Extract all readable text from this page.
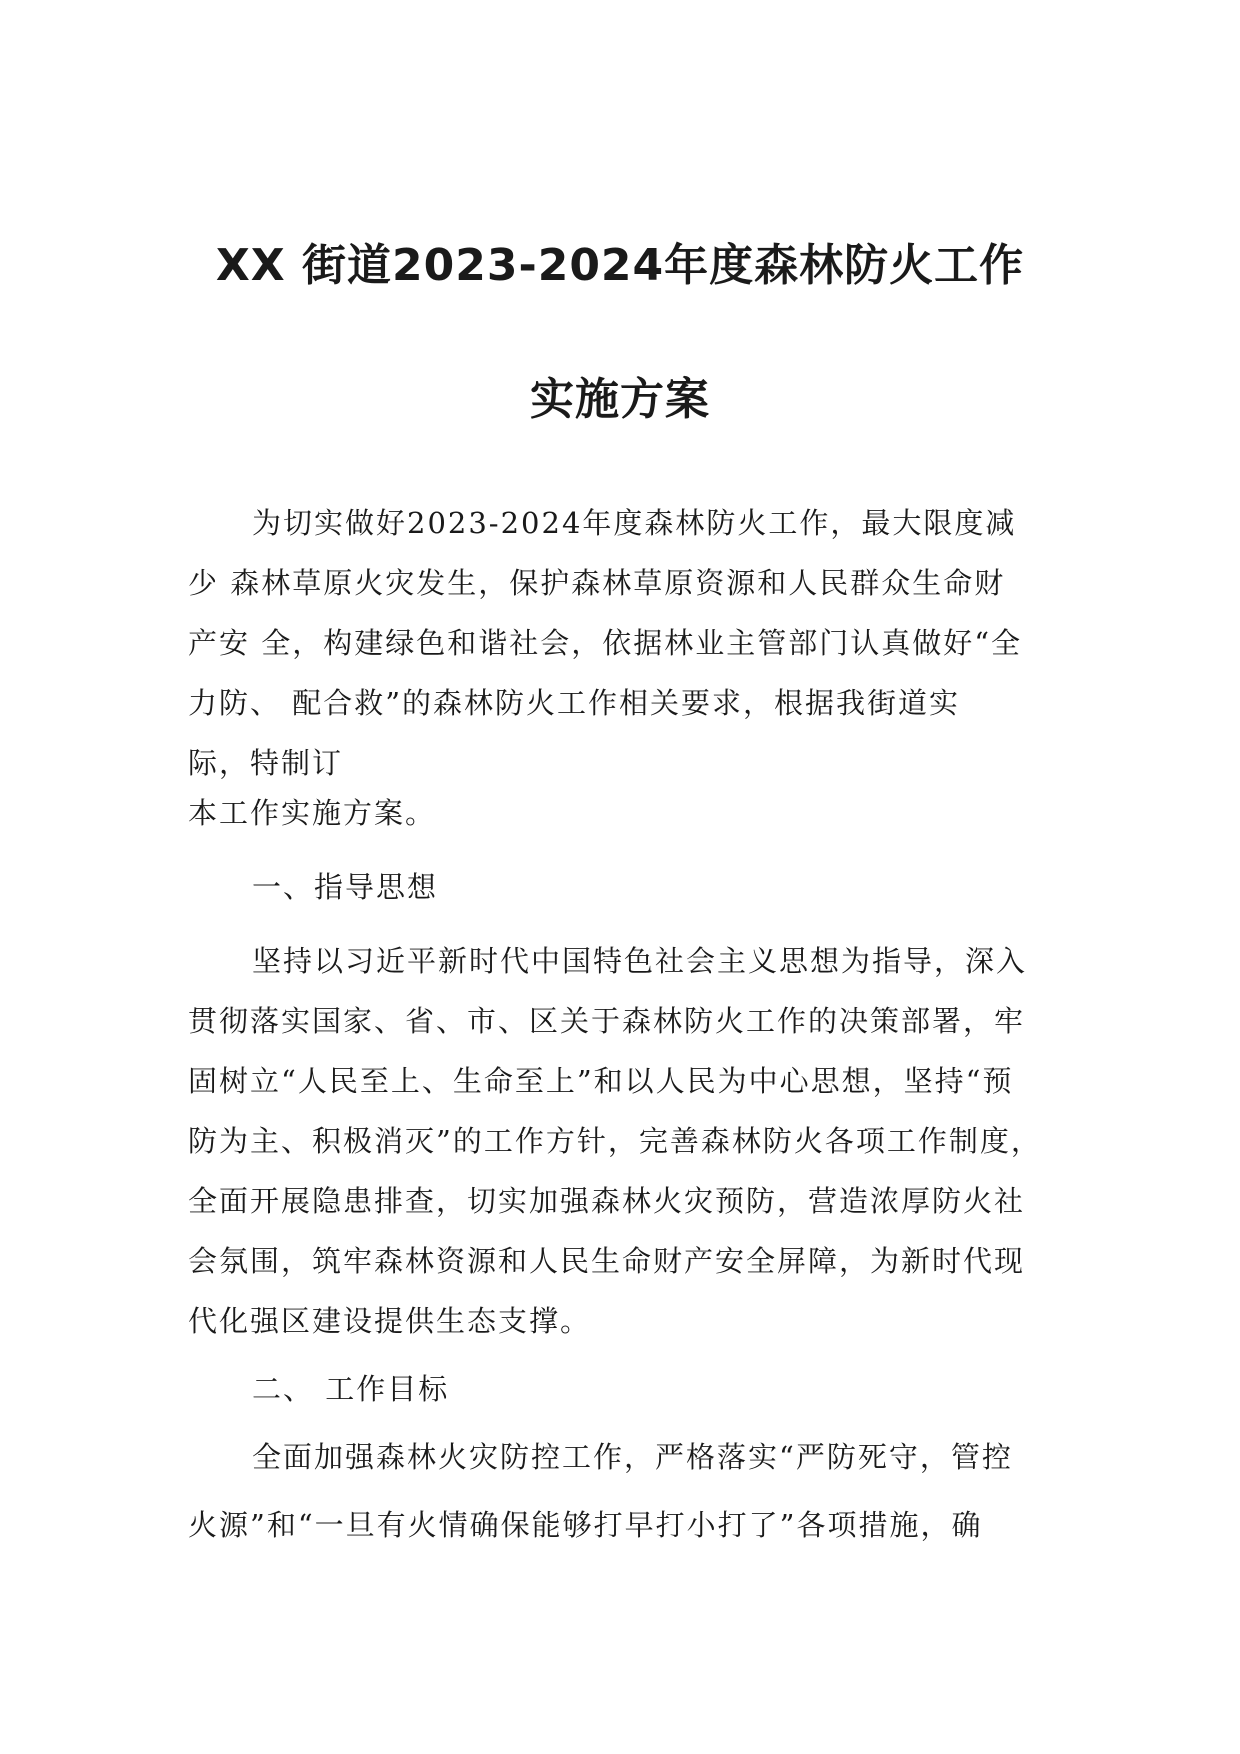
XX 街道2023-2024年度森林防火工作
实施方案

为切实做好2023-2024年度森林防火工作，最大限度减

少 森林草原火灾发生，保护森林草原资源和人民群众生命财

产安 全，构建绿色和谐社会，依据林业主管部门认真做好“全

力防、 配合救”的森林防火工作相关要求，根据我街道实

际，特制订

本工作实施方案。

一、指导思想

坚持以习近平新时代中国特色社会主义思想为指导，深入

贯彻落实国家、省、市、区关于森林防火工作的决策部署，牢

固树立“人民至上、生命至上”和以人民为中心思想，坚持“预

防为主、积极消灭”的工作方针，完善森林防火各项工作制度，

全面开展隐患排查，切实加强森林火灾预防，营造浓厚防火社

会氛围，筑牢森林资源和人民生命财产安全屏障，为新时代现

代化强区建设提供生态支撑。

二、 工作目标

全面加强森林火灾防控工作，严格落实“严防死守，管控

火源”和“一旦有火情确保能够打早打小打了”各项措施，确
